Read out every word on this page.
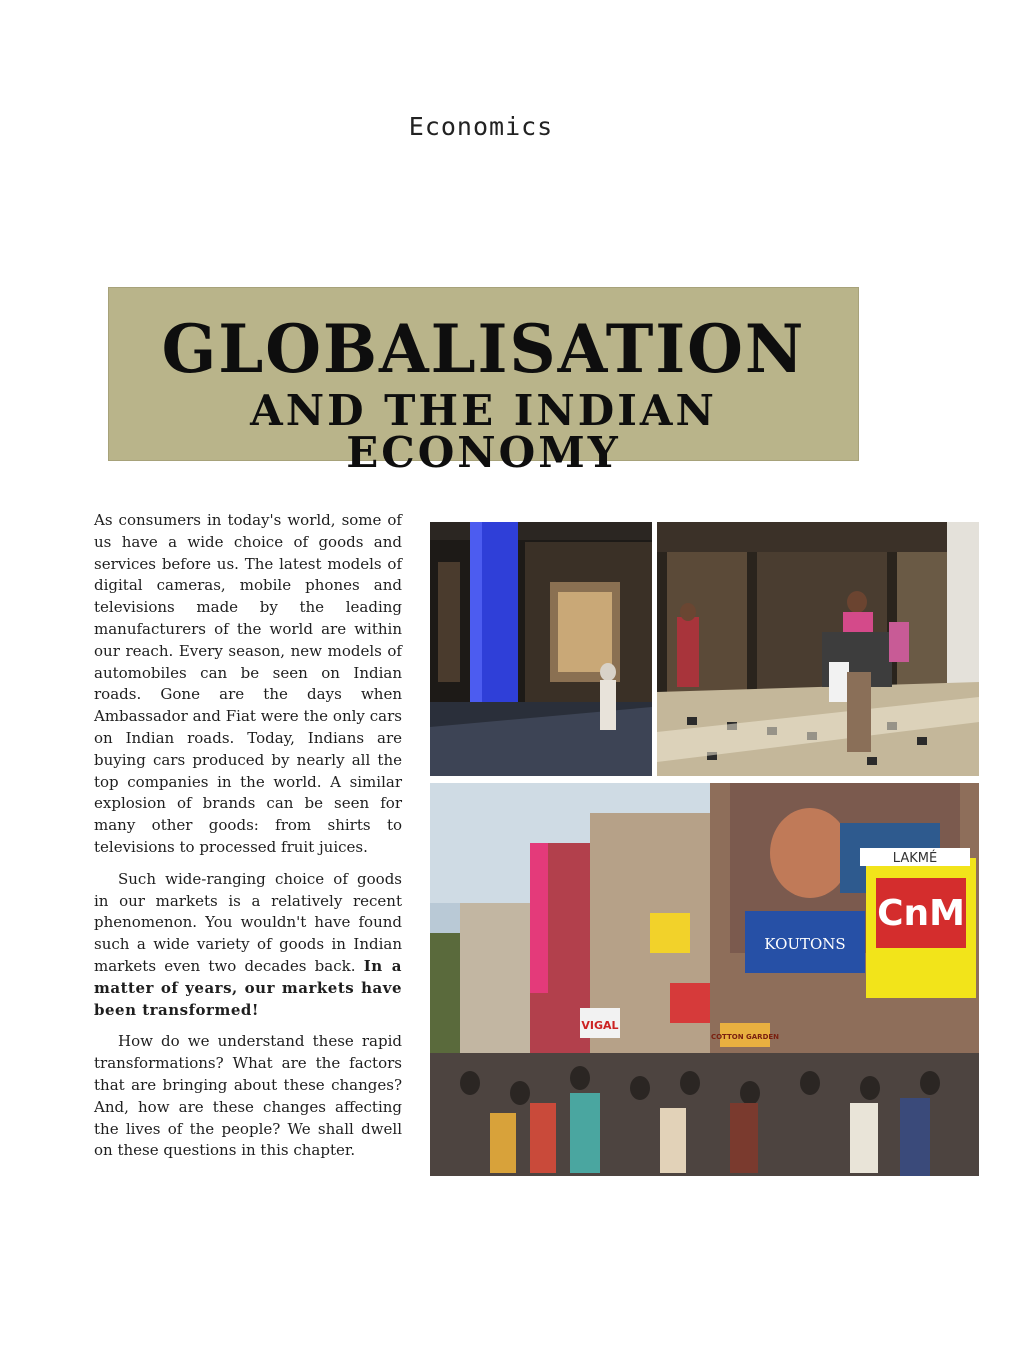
Economics
GLOBALISATION
AND THE INDIAN ECONOMY

As consumers in today's world, some of us have a wide choice of goods and services before us. The latest models of digital cameras, mobile phones and televisions made by the leading manufacturers of the world are within our reach. Every season, new models of automobiles can be seen on Indian roads. Gone are the days when Ambassador and Fiat were the only cars on Indian roads. Today, Indians are buying cars produced by nearly all the top companies in the world. A similar explosion of brands can be seen for many other goods: from shirts to televisions to processed fruit juices.

Such wide-ranging choice of goods in our markets is a relatively recent phenomenon. You wouldn't have found such a wide variety of goods in Indian markets even two decades back. In a matter of years, our markets have been transformed!

How do we understand these rapid transformations? What are the factors that are bringing about these changes? And, how are these changes affecting the lives of the people? We shall dwell on these questions in this chapter.

CnM
LAKMÉ
KOUTONS
VIGAL
COTTON GARDEN
